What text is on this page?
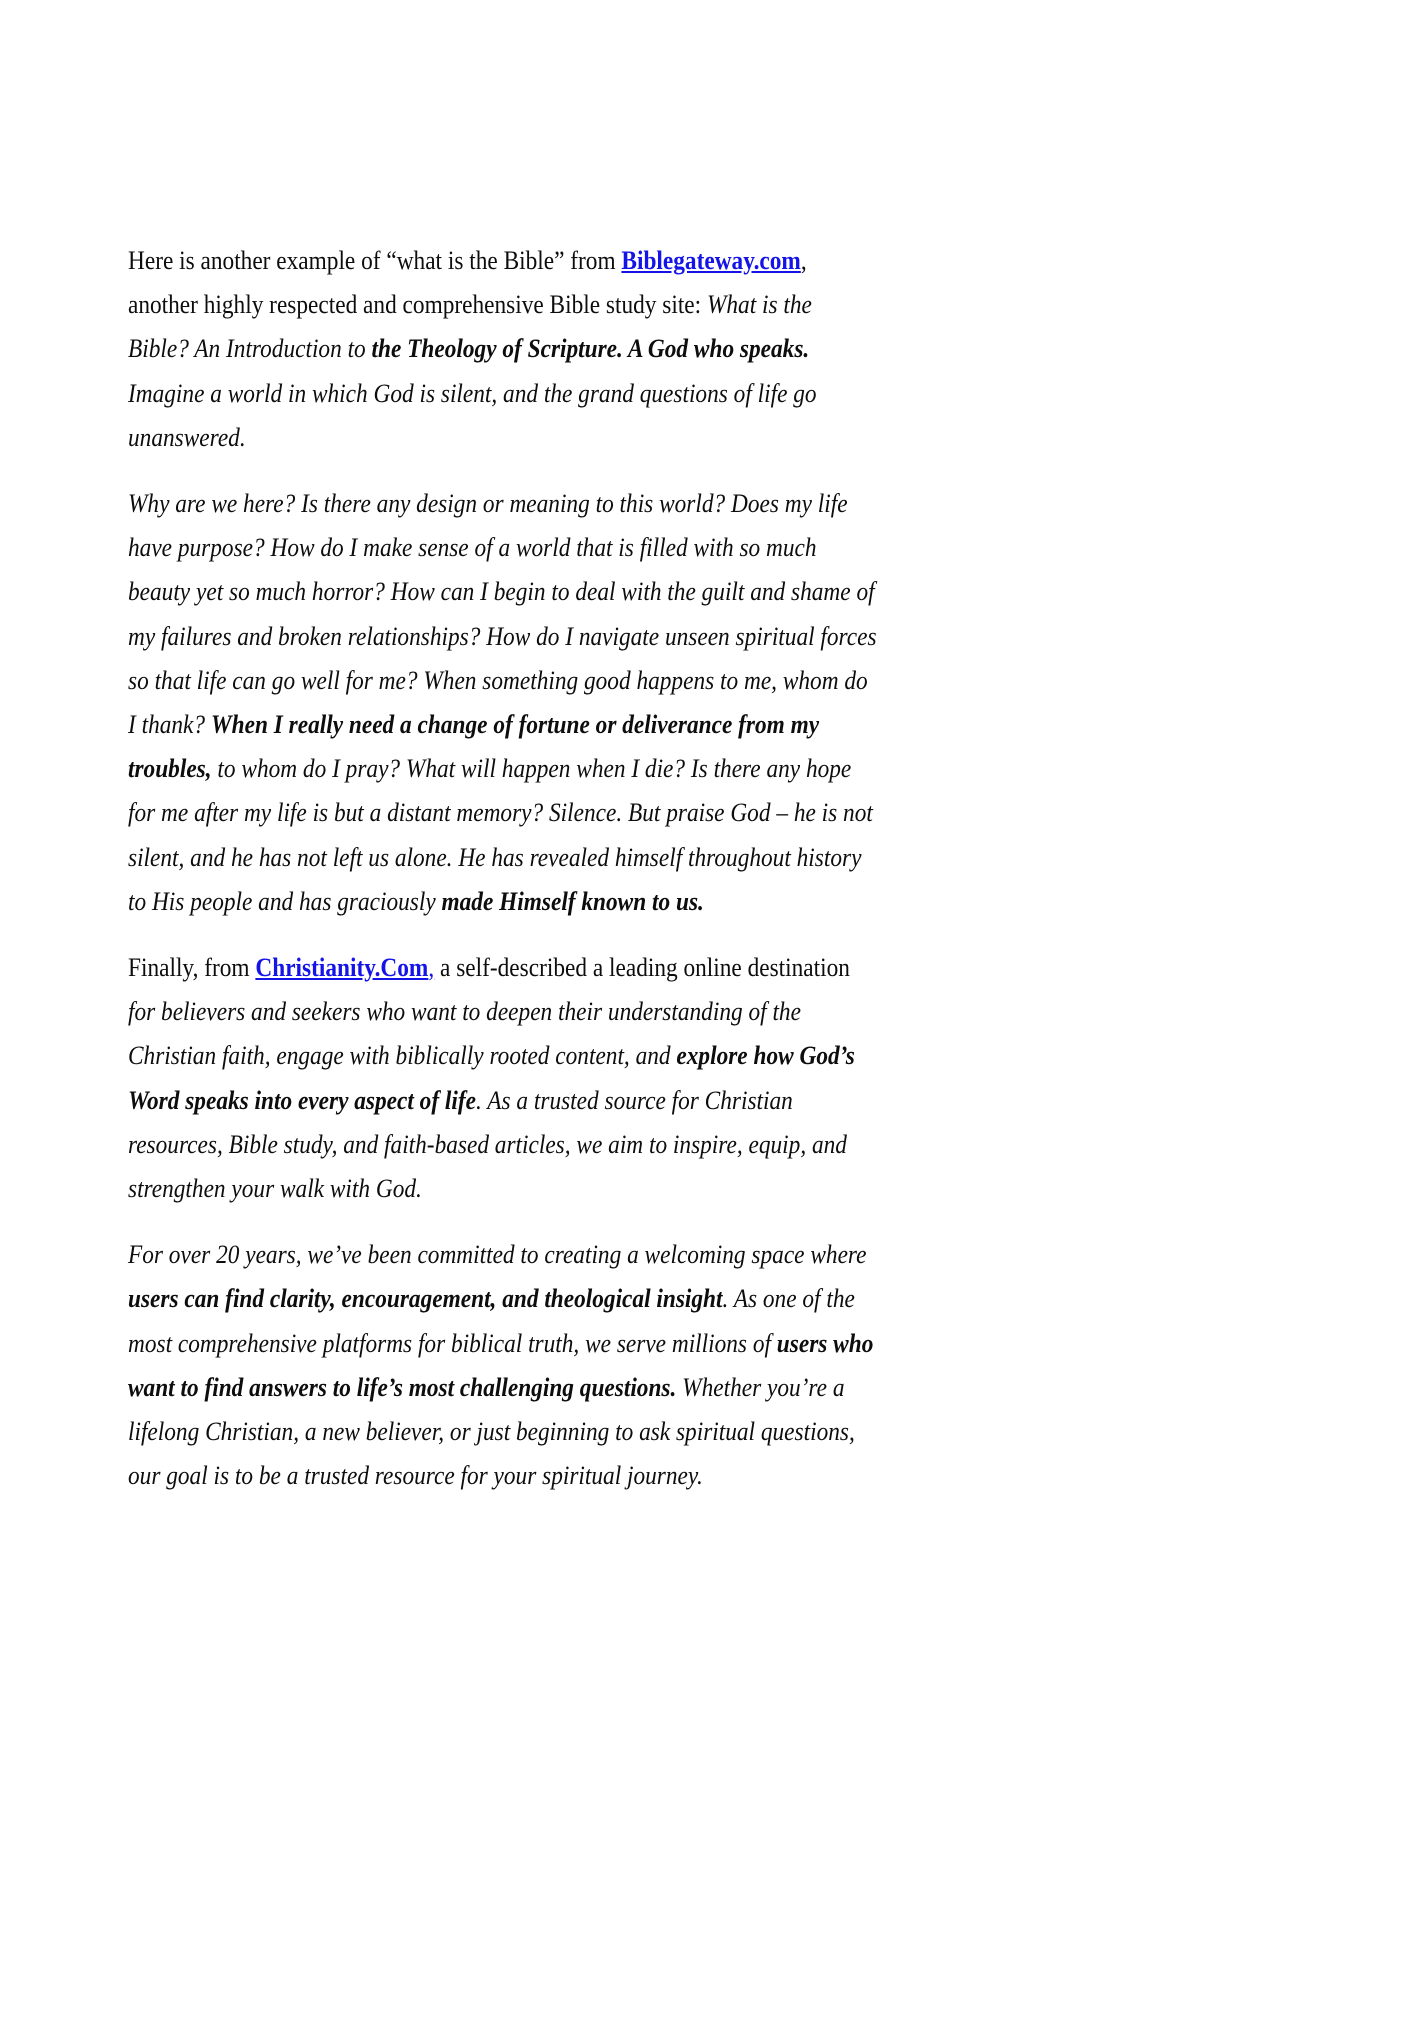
Here is another example of “what is the Bible” from Biblegateway.com, another highly respected and comprehensive Bible study site: What is the Bible? An Introduction to the Theology of Scripture. A God who speaks. Imagine a world in which God is silent, and the grand questions of life go unanswered.

Why are we here? Is there any design or meaning to this world? Does my life have purpose? How do I make sense of a world that is filled with so much beauty yet so much horror? How can I begin to deal with the guilt and shame of my failures and broken relationships? How do I navigate unseen spiritual forces so that life can go well for me? When something good happens to me, whom do I thank? When I really need a change of fortune or deliverance from my troubles, to whom do I pray? What will happen when I die? Is there any hope for me after my life is but a distant memory? Silence. But praise God – he is not silent, and he has not left us alone. He has revealed himself throughout history to His people and has graciously made Himself known to us.

Finally, from Christianity.Com, a self-described a leading online destination for believers and seekers who want to deepen their understanding of the Christian faith, engage with biblically rooted content, and explore how God’s Word speaks into every aspect of life. As a trusted source for Christian resources, Bible study, and faith-based articles, we aim to inspire, equip, and strengthen your walk with God.

For over 20 years, we’ve been committed to creating a welcoming space where users can find clarity, encouragement, and theological insight. As one of the most comprehensive platforms for biblical truth, we serve millions of users who want to find answers to life’s most challenging questions. Whether you’re a lifelong Christian, a new believer, or just beginning to ask spiritual questions, our goal is to be a trusted resource for your spiritual journey.
